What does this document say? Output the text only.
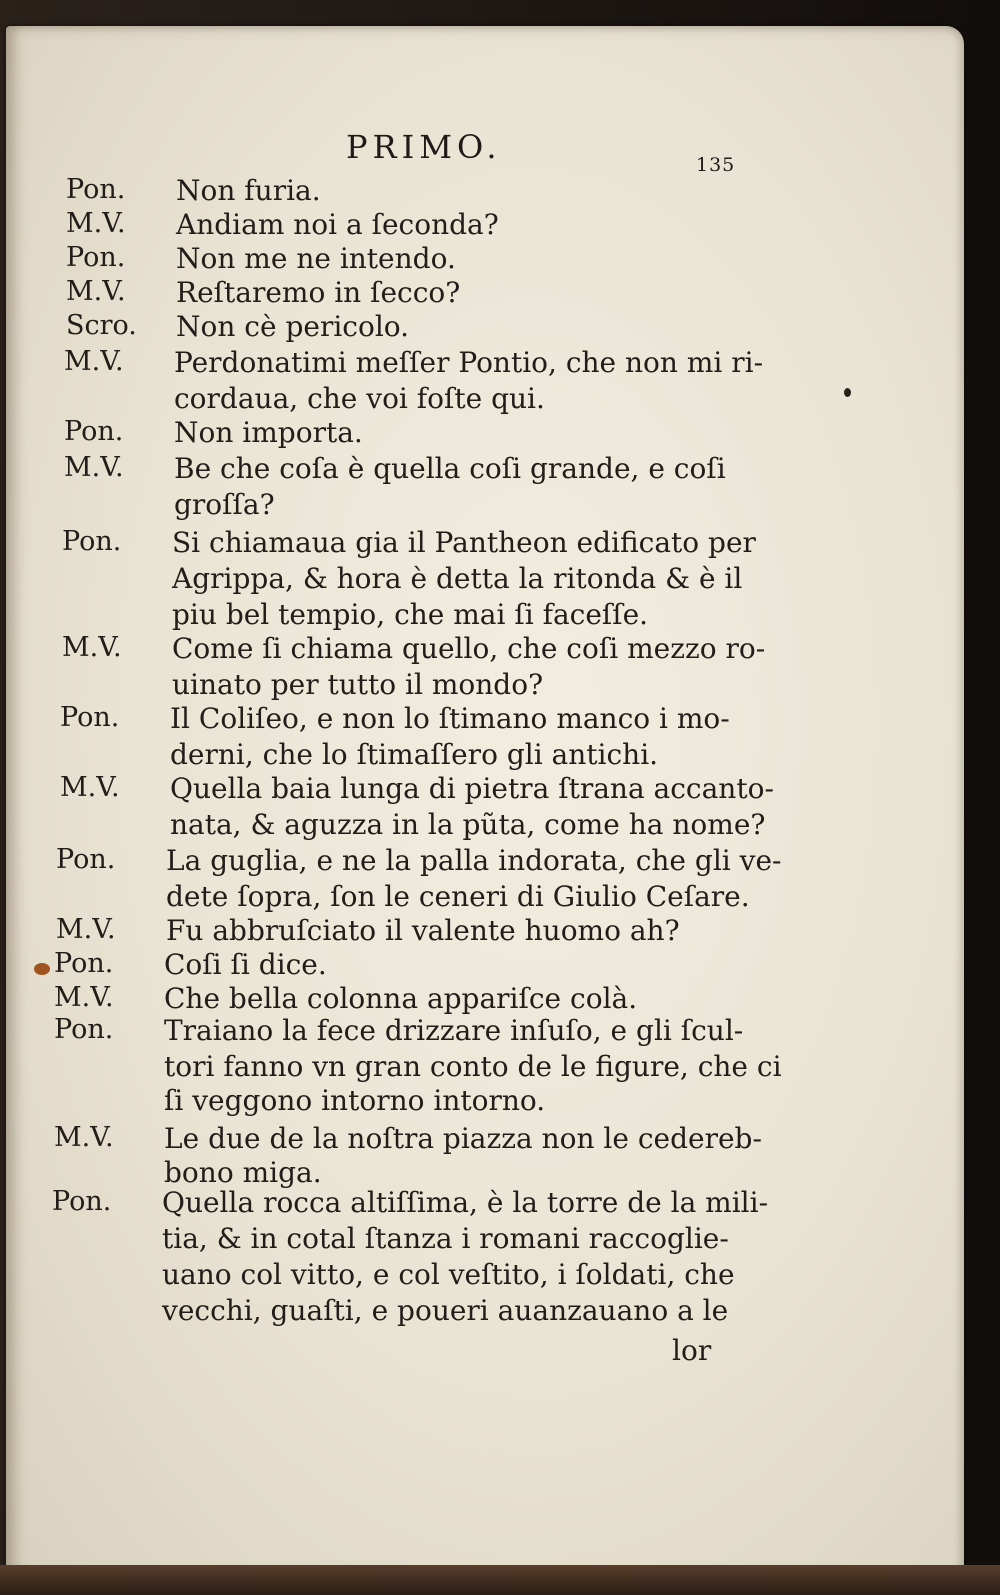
PRIMO.	135
Pon. Non furia.
M.V. Andiam noi a ſeconda?
Pon. Non me ne intendo.
M.V. Reſtaremo in ſecco?
Scro. Non cè pericolo.
M.V. Perdonatimi meſſer Pontio, che non mi ri-
cordaua, che voi foſte qui.
Pon. Non importa.
M.V. Be che coſa è quella coſi grande, e coſi
groſſa?
Pon. Si chiamaua gia il Pantheon edificato per
Agrippa, & hora è detta la ritonda & è il
piu bel tempio, che mai ſi faceſſe.
M.V. Come ſi chiama quello, che coſi mezzo ro-
uinato per tutto il mondo?
Pon. Il Coliſeo, e non lo ſtimano manco i mo-
derni, che lo ſtimaſſero gli antichi.
M.V. Quella baia lunga di pietra ſtrana accanto-
nata, & aguzza in la pũta, come ha nome?
Pon. La guglia, e ne la palla indorata, che gli ve-
dete ſopra, ſon le ceneri di Giulio Ceſare.
M.V. Fu abbruſciato il valente huomo ah?
Pon. Coſi ſi dice.
M.V. Che bella colonna appariſce colà.
Pon. Traiano la fece drizzare inſuſo, e gli ſcul-
tori fanno vn gran conto de le figure, che ci
ſi veggono intorno intorno.
M.V. Le due de la noſtra piazza non le cedereb-
bono miga.
Pon. Quella rocca altiſſima, è la torre de la mili-
tia, & in cotal ſtanza i romani raccoglie-
uano col vitto, e col veſtito, i ſoldati, che
vecchi, guaſti, e poueri auanzauano a le
lor
